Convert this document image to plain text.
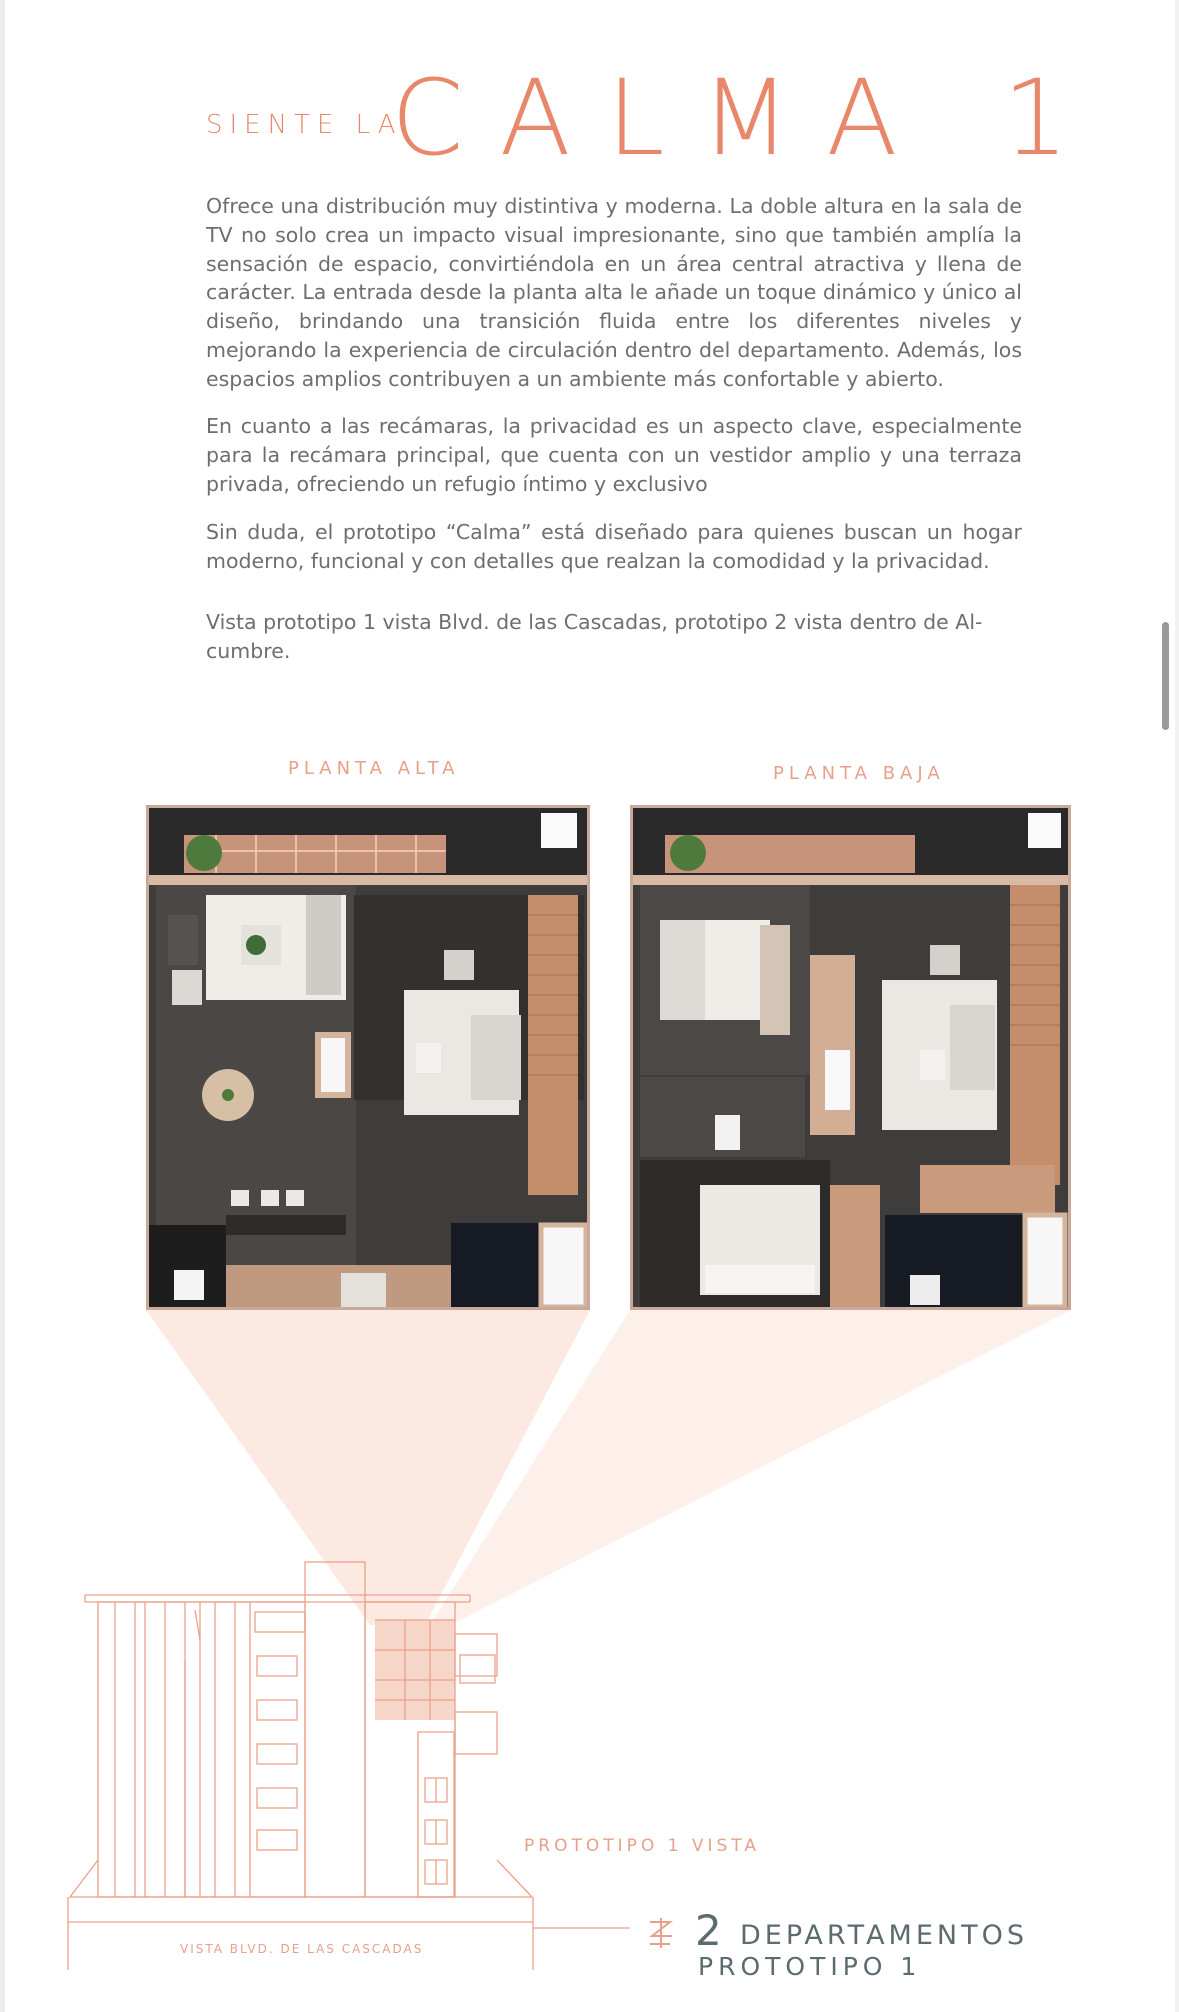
SIENTE LA
CALMA 1

Ofrece una distribución muy distintiva y moderna. La doble altura en la sala de TV no solo crea un impacto visual impresionante, sino que también amplía la sensación de espacio, convirtiéndola en un área central atractiva y llena de carácter. La entrada desde la planta alta le añade un toque dinámico y único al diseño, brindando una transición fluida entre los diferentes niveles y mejorando la experiencia de circulación dentro del departamento. Además, los espacios amplios contribuyen a un ambiente más confortable y abierto.

En cuanto a las recámaras, la privacidad es un aspecto clave, especialmente para la recámara principal, que cuenta con un vestidor amplio y una terraza privada, ofreciendo un refugio íntimo y exclusivo

Sin duda, el prototipo “Calma” está diseñado para quienes buscan un hogar moderno, funcional y con detalles que realzan la comodidad y la privacidad.

Vista prototipo 1 vista Blvd. de las Cascadas, prototipo 2 vista dentro de Al-cumbre.

PLANTA ALTA	PLANTA BAJA
PROTOTIPO 1 VISTA
VISTA BLVD. DE LAS CASCADAS	2 DEPARTAMENTOS
PROTOTIPO 1
